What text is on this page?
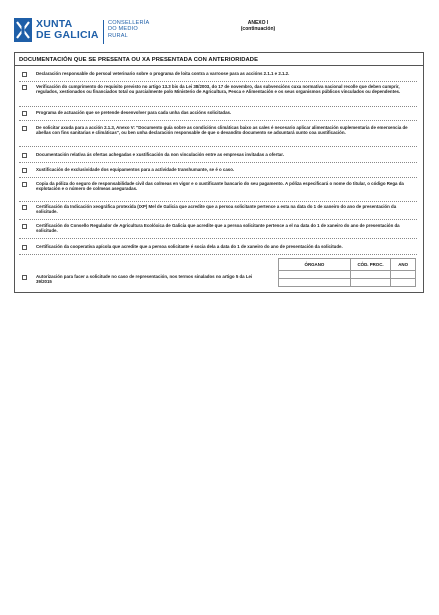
XUNTA
DE GALICIA
CONSELLERÍA
DO MEDIO
RURAL
ANEXO I
(continuación)
DOCUMENTACIÓN QUE SE PRESENTA OU XA PRESENTADA CON ANTERIORIDADE
Declaración responsable do persoal veterinario sobre o programa de loita contra a varroose para as accións 2.1.1 e 2.1.2.
Verificación do cumprimento do requisito previsto no artigo 13.3 bis da Lei 38/2003, do 17 de novembro, das subvencións cuxa normativa nacional recolle que deben cumprir, regulados, xestionados ou financiados total ou parcialmente polo Ministerio de Agricultura, Pesca e Alimentación e os seus organismos públicos vinculados ou dependentes.
Programa de actuación que se pretende desenvolver para cada unha das accións solicitadas.
De solicitar axuda para a acción 2.1.3, Anexo V: "Documento guía sobre as condicións climáticas baixo as cales é necesario aplicar alimentación suplementaria de emerxencia de abellas con fins sanitarias e climáticas", ou ben unha declaración responsable de que o devandito documento se adxuntará xunto coa xustificación.
Documentación relativa ás ofertas achegadas e xustificación da non vinculación entre as empresas invitadas a ofertar.
Xustificación de exclusividade dos equipamentos para a actividade transhumante, se é o caso.
Copia da póliza do seguro de responsabilidade civil das colmeas en vigor e o xustificante bancario do seu pagamento. A póliza especificará o nome do titular, o código Rega da explotación e o número de colmeas aseguradas.
Certificación da Indicación xeográfica protexida (IXP) Mel de Galicia que acredite que a persoa solicitante pertence a esta na data do 1 de xaneiro do ano de presentación da solicitude.
Certificación do Consello Regulador de Agricultura Ecolóxica de Galicia que acredite que a persoa solicitante pertence a el na data do 1 de xaneiro do ano de presentación da solicitude.
Certificación da cooperativa apícola que acredite que a persoa solicitante é socia dela a data do 1 de xaneiro do ano de presentación da solicitude.
ÓRGANO	CÓD. PROC.	ANO

Autorización para facer a solicitude no caso de representación, nos termos sinalados no artigo 5 da Lei 39/2015
